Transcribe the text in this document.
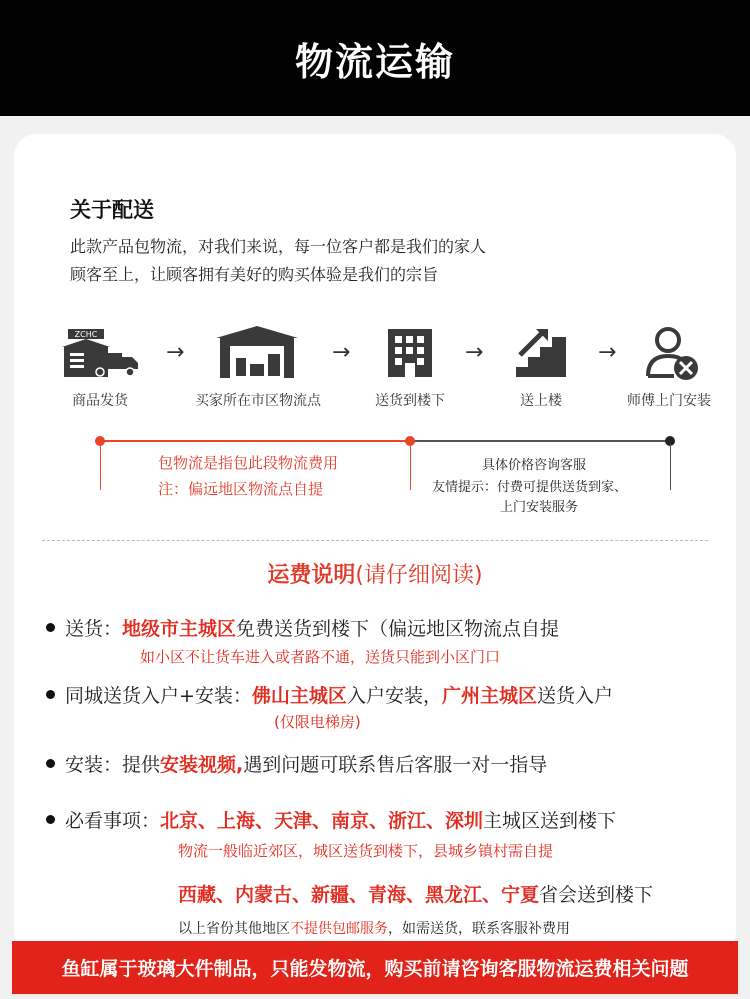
物流运输
关于配送
此款产品包物流，对我们来说，每一位客户都是我们的家人
顾客至上，让顾客拥有美好的购买体验是我们的宗旨
ZCHC
→	→	→	→
商品发货	买家所在市区物流点	送货到楼下	送上楼	师傅上门安装
包物流是指包此段物流费用
注：偏远地区物流点自提
具体价格咨询客服
友情提示：付费可提供送货到家、
上门安装服务
运费说明(请仔细阅读)
送货：地级市主城区免费送货到楼下（偏远地区物流点自提
如小区不让货车进入或者路不通，送货只能到小区门口
同城送货入户+安装：佛山主城区入户安装，广州主城区送货入户
(仅限电梯房)
安装：提供安装视频,遇到问题可联系售后客服一对一指导
必看事项：北京、上海、天津、南京、浙江、深圳主城区送到楼下
物流一般临近郊区，城区送货到楼下，县城乡镇村需自提
西藏、内蒙古、新疆、青海、黑龙江、宁夏省会送到楼下
以上省份其他地区不提供包邮服务，如需送货，联系客服补费用
鱼缸属于玻璃大件制品，只能发物流，购买前请咨询客服物流运费相关问题
